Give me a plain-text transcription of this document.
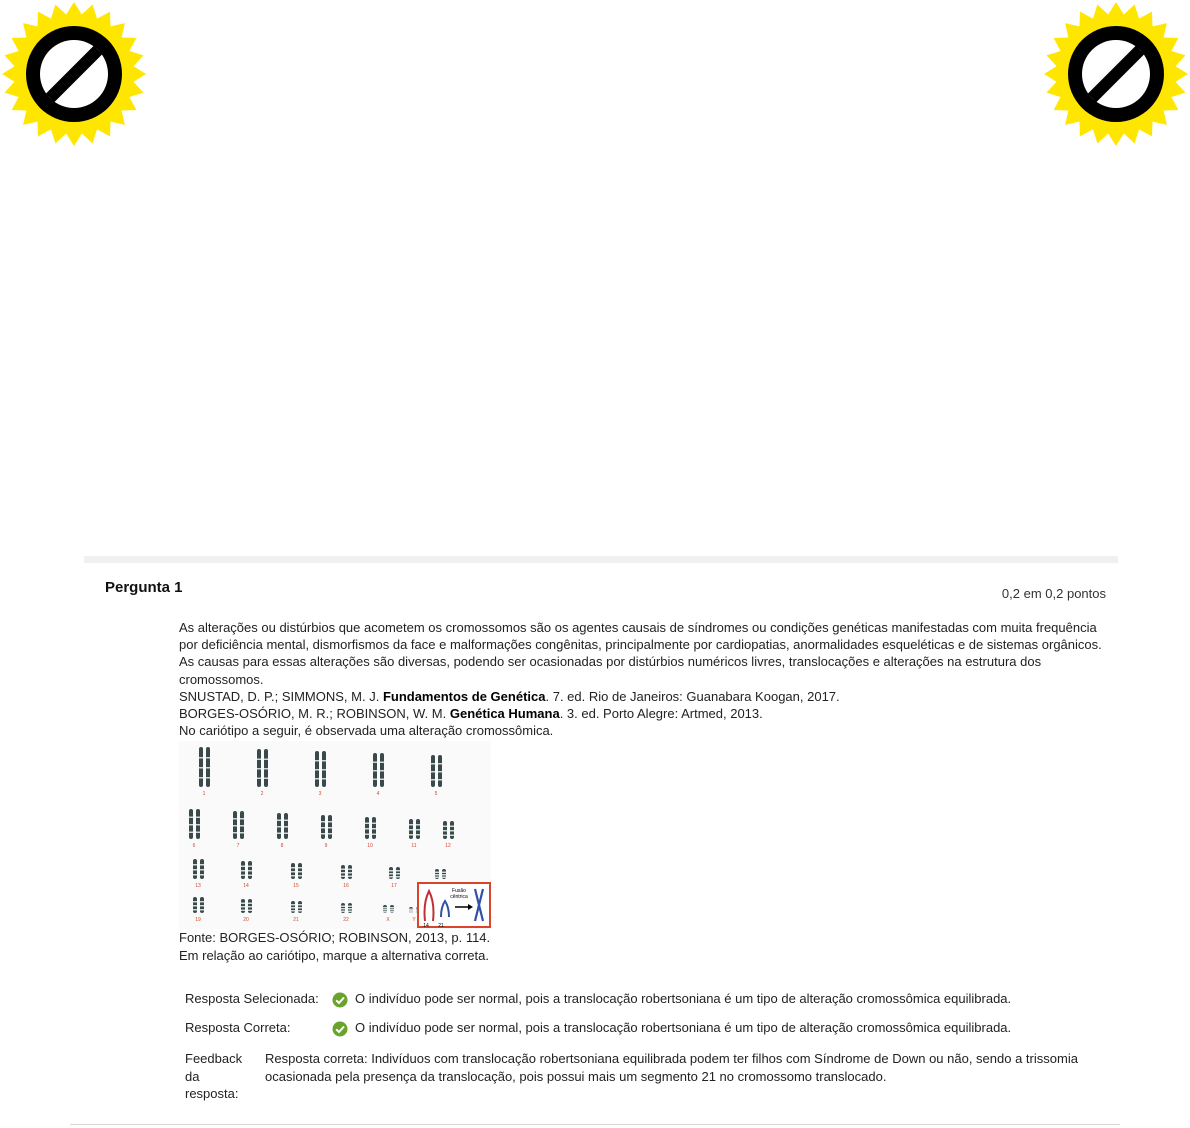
Pergunta 1	0,2 em 0,2 pontos

As alterações ou distúrbios que acometem os cromossomos são os agentes causais de síndromes ou condições genéticas manifestadas com muita frequência por deficiência mental, dismorfismos da face e malformações congênitas, principalmente por cardiopatias, anormalidades esqueléticas e de sistemas orgânicos. As causas para essas alterações são diversas, podendo ser ocasionadas por distúrbios numéricos livres, translocações e alterações na estrutura dos cromossomos.

SNUSTAD, D. P.; SIMMONS, M. J. Fundamentos de Genética. 7. ed. Rio de Janeiros: Guanabara Koogan, 2017.

BORGES-OSÓRIO, M. R.; ROBINSON, W. M. Genética Humana. 3. ed. Porto Alegre: Artmed, 2013.

No cariótipo a seguir, é observada uma alteração cromossômica.

1	2	3	4	5
6	7	8	9	10	11	12
13	14	15	16	17
19	20	21	22	X	Y
Fusão
cêntrica
14 21

Fonte: BORGES-OSÓRIO; ROBINSON, 2013, p. 114.

Em relação ao cariótipo, marque a alternativa correta.

Resposta Selecionada:	O indivíduo pode ser normal, pois a translocação robertsoniana é um tipo de alteração cromossômica equilibrada.
Resposta Correta:	O indivíduo pode ser normal, pois a translocação robertsoniana é um tipo de alteração cromossômica equilibrada.
Feedback da resposta:
Resposta correta: Indivíduos com translocação robertsoniana equilibrada podem ter filhos com Síndrome de Down ou não, sendo a trissomia ocasionada pela presença da translocação, pois possui mais um segmento 21 no cromossomo translocado.
